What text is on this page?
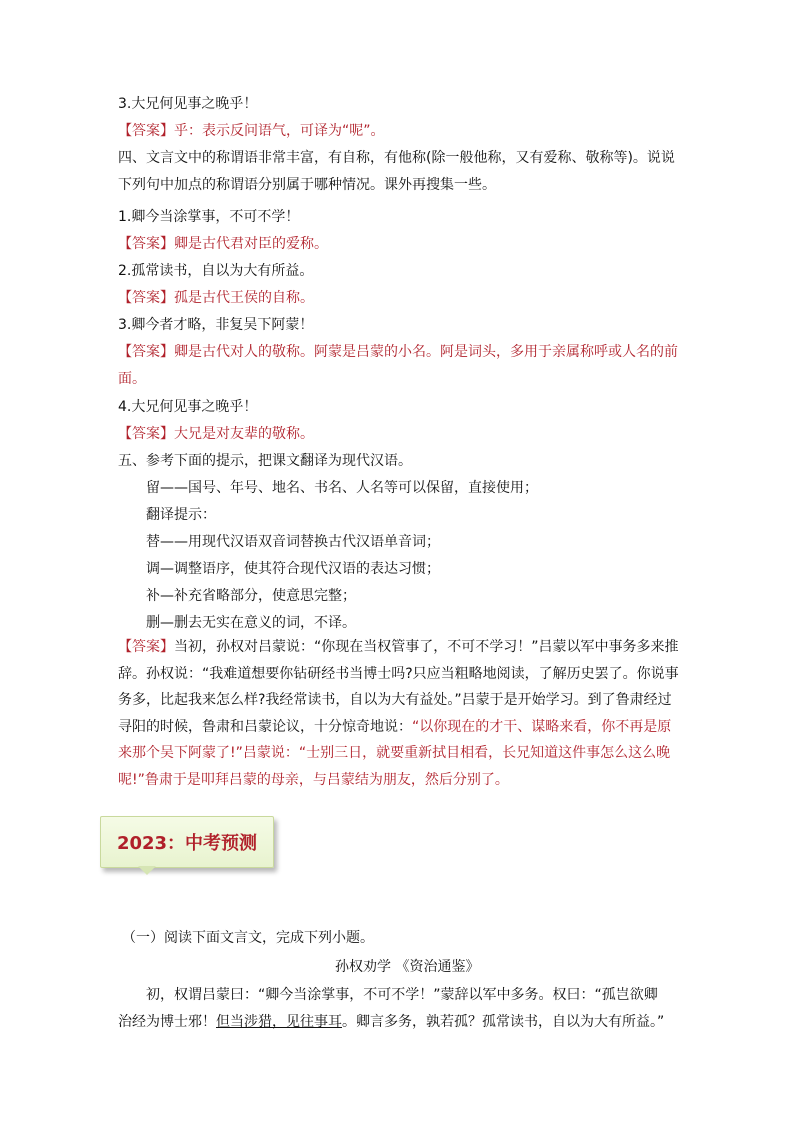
3.大兄何见事之晚乎！
【答案】乎：表示反问语气，可译为“呢”。
四、文言文中的称谓语非常丰富，有自称，有他称(除一般他称，又有爱称、敬称等)。说说
下列句中加点的称谓语分别属于哪种情况。课外再搜集一些。
1.卿今当涂掌事，不可不学！
【答案】卿是古代君对臣的爱称。
2.孤常读书，自以为大有所益。
【答案】孤是古代王侯的自称。
3.卿今者才略，非复吴下阿蒙！
【答案】卿是古代对人的敬称。阿蒙是吕蒙的小名。阿是词头，多用于亲属称呼或人名的前
面。
4.大兄何见事之晚乎！
【答案】大兄是对友辈的敬称。
五、参考下面的提示，把课文翻译为现代汉语。
留——国号、年号、地名、书名、人名等可以保留，直接使用；
翻译提示：
替——用现代汉语双音词替换古代汉语单音词；
调—调整语序，使其符合现代汉语的表达习惯；
补—补充省略部分，使意思完整；
删—删去无实在意义的词，不译。
【答案】当初，孙权对吕蒙说：“你现在当权管事了，不可不学习！”吕蒙以军中事务多来推辞。孙权说：“我难道想要你钻研经书当博士吗?只应当粗略地阅读，了解历史罢了。你说事务多，比起我来怎么样?我经常读书，自以为大有益处。”吕蒙于是开始学习。到了鲁肃经过寻阳的时候，鲁肃和吕蒙论议，十分惊奇地说：“以你现在的才干、谋略来看，你不再是原来那个吴下阿蒙了!”吕蒙说：“士别三日，就要重新拭目相看，长兄知道这件事怎么这么晚呢!”鲁肃于是叩拜吕蒙的母亲，与吕蒙结为朋友，然后分别了。
2023：中考预测
（一）阅读下面文言文，完成下列小题。
孙权劝学 《资治通鉴》
初，权谓吕蒙曰：“卿今当涂掌事，不可不学！”蒙辞以军中多务。权曰：“孤岂欲卿
治经为博士邪！但当涉猎，见往事耳。卿言多务，孰若孤？孤常读书，自以为大有所益。”
